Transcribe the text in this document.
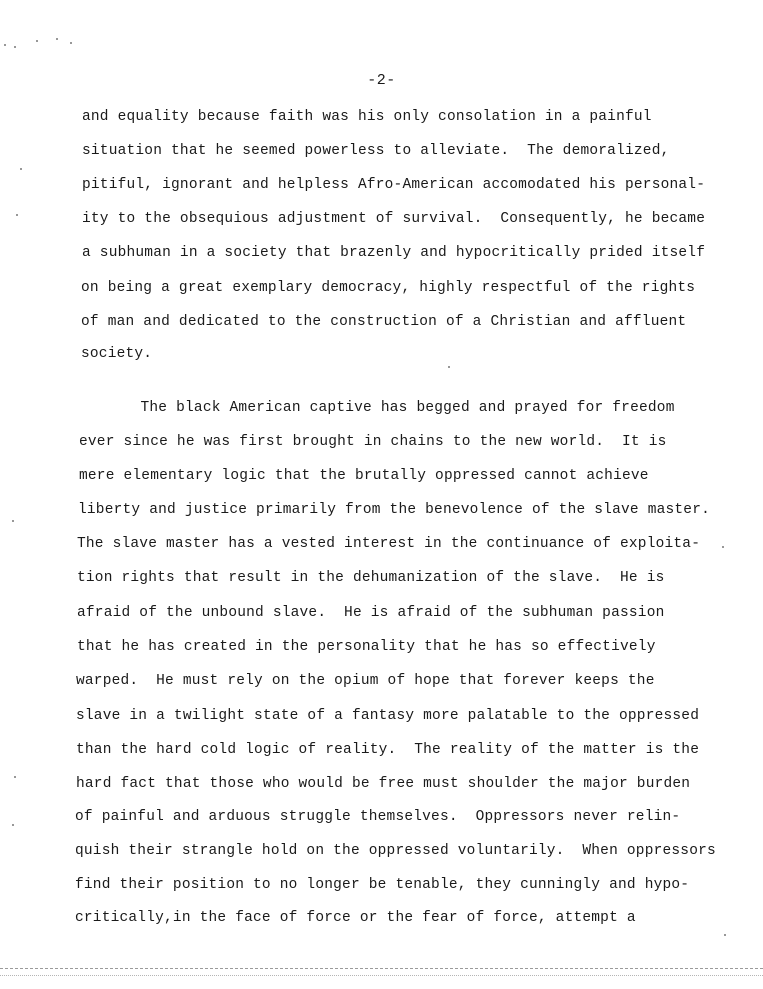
-2-
and equality because faith was his only consolation in a painful
situation that he seemed powerless to alleviate.  The demoralized,
pitiful, ignorant and helpless Afro-American accomodated his personal-
ity to the obsequious adjustment of survival.  Consequently, he became
a subhuman in a society that brazenly and hypocritically prided itself
on being a great exemplary democracy, highly respectful of the rights
of man and dedicated to the construction of a Christian and affluent
society.
The black American captive has begged and prayed for freedom
ever since he was first brought in chains to the new world.  It is
mere elementary logic that the brutally oppressed cannot achieve
liberty and justice primarily from the benevolence of the slave master.
The slave master has a vested interest in the continuance of exploita-
tion rights that result in the dehumanization of the slave.  He is
afraid of the unbound slave.  He is afraid of the subhuman passion
that he has created in the personality that he has so effectively
warped.  He must rely on the opium of hope that forever keeps the
slave in a twilight state of a fantasy more palatable to the oppressed
than the hard cold logic of reality.  The reality of the matter is the
hard fact that those who would be free must shoulder the major burden
of painful and arduous struggle themselves.  Oppressors never relin-
quish their strangle hold on the oppressed voluntarily.  When oppressors
find their position to no longer be tenable, they cunningly and hypo-
critically,in the face of force or the fear of force, attempt a
